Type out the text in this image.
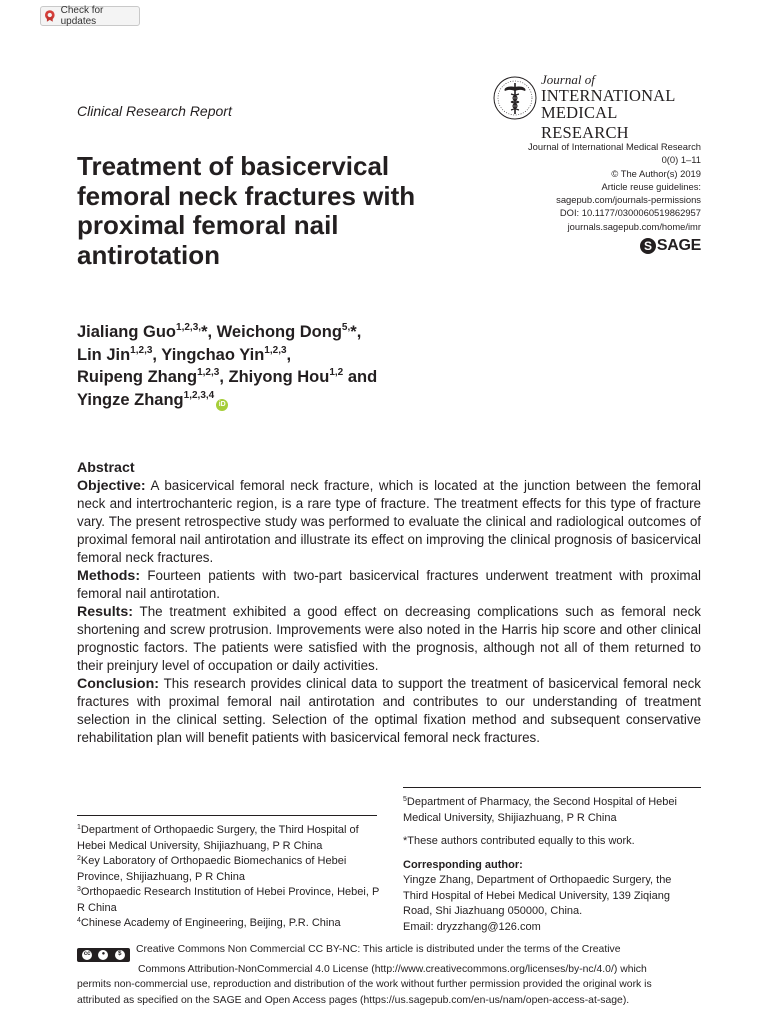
Check for updates
Clinical Research Report
Journal of
INTERNATIONAL
MEDICAL RESEARCH
Journal of International Medical Research
0(0) 1–11
© The Author(s) 2019
Article reuse guidelines:
sagepub.com/journals-permissions
DOI: 10.1177/0300060519862957
journals.sagepub.com/home/imr
S SAGE
Treatment of basicervical femoral neck fractures with proximal femoral nail antirotation
Jialiang Guo$^{1,2,3,}$*, Weichong Dong$^{5,}$*,
Lin Jin$^{1,2,3}$, Yingchao Yin$^{1,2,3}$,
Ruipeng Zhang$^{1,2,3}$, Zhiyong Hou$^{1,2}$ and
Yingze Zhang$^{1,2,3,4}$iD

Abstract

Objective: A basicervical femoral neck fracture, which is located at the junction between the femoral neck and intertrochanteric region, is a rare type of fracture. The treatment effects for this type of fracture vary. The present retrospective study was performed to evaluate the clinical and radiological outcomes of proximal femoral nail antirotation and illustrate its effect on improving the clinical prognosis of basicervical femoral neck fractures.

Methods: Fourteen patients with two-part basicervical fractures underwent treatment with proximal femoral nail antirotation.

Results: The treatment exhibited a good effect on decreasing complications such as femoral neck shortening and screw protrusion. Improvements were also noted in the Harris hip score and other clinical prognostic factors. The patients were satisfied with the prognosis, although not all of them returned to their preinjury level of occupation or daily activities.

Conclusion: This research provides clinical data to support the treatment of basicervical femoral neck fractures with proximal femoral nail antirotation and contributes to our understanding of treatment selection in the clinical setting. Selection of the optimal fixation method and subsequent conservative rehabilitation plan will benefit patients with basicervical femoral neck fractures.

$^1$Department of Orthopaedic Surgery, the Third Hospital of Hebei Medical University, Shijiazhuang, P R China
$^2$Key Laboratory of Orthopaedic Biomechanics of Hebei Province, Shijiazhuang, P R China
$^3$Orthopaedic Research Institution of Hebei Province, Hebei, P R China
$^4$Chinese Academy of Engineering, Beijing, P.R. China
$^5$Department of Pharmacy, the Second Hospital of Hebei Medical University, Shijiazhuang, P R China
*These authors contributed equally to this work.
Corresponding author:
Yingze Zhang, Department of Orthopaedic Surgery, the
Third Hospital of Hebei Medical University, 139 Ziqiang
Road, Shi Jiazhuang 050000, China.
Email: dryzzhang@126.com
cc	●	$	Creative Commons Non Commercial CC BY-NC: This article is distributed under the terms of the Creative
Commons Attribution-NonCommercial 4.0 License (http://www.creativecommons.org/licenses/by-nc/4.0/) which
permits non-commercial use, reproduction and distribution of the work without further permission provided the original work is
attributed as specified on the SAGE and Open Access pages (https://us.sagepub.com/en-us/nam/open-access-at-sage).
